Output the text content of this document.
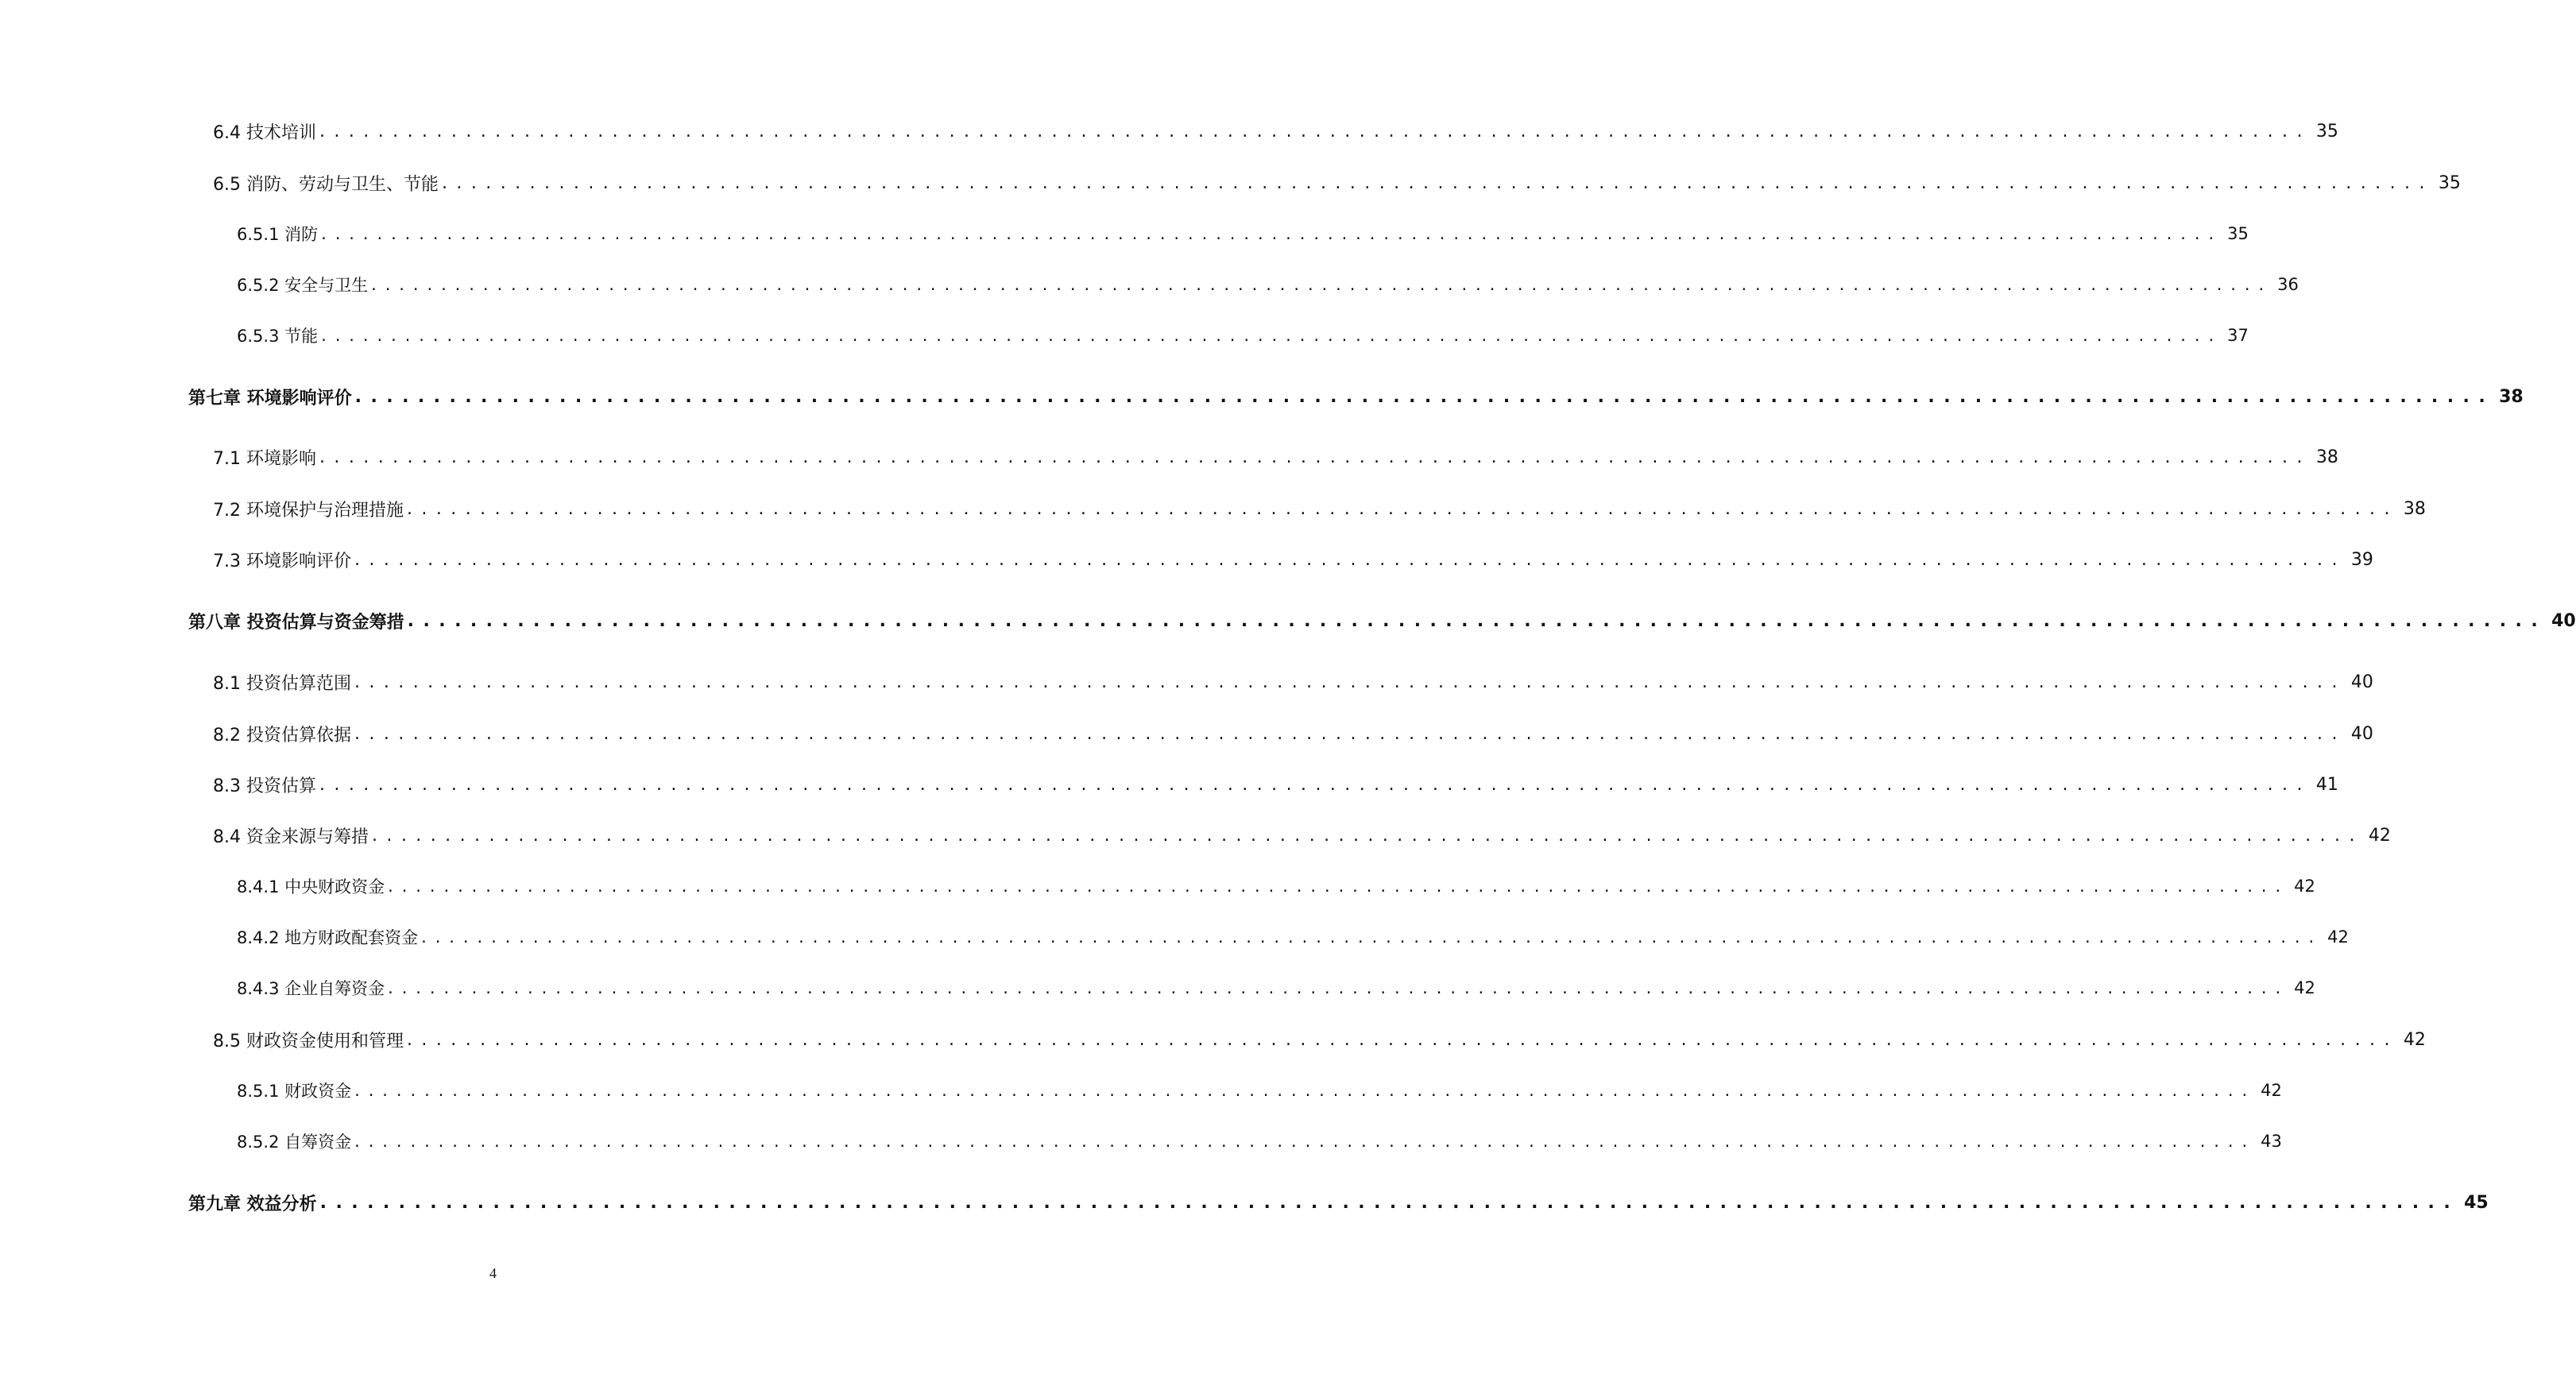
6.4 技术培训 ........................................................................................................................................ 35
6.5 消防、劳动与卫生、节能 ........................................................................................................................................ 35
6.5.1 消防 ........................................................................................................................................ 35
6.5.2 安全与卫生 ........................................................................................................................................ 36
6.5.3 节能 ........................................................................................................................................ 37
第七章 环境影响评价 ........................................................................................................................................ 38
7.1 环境影响 ........................................................................................................................................ 38
7.2 环境保护与治理措施 ........................................................................................................................................ 38
7.3 环境影响评价 ........................................................................................................................................ 39
第八章 投资估算与资金筹措 ........................................................................................................................................ 40
8.1 投资估算范围 ........................................................................................................................................ 40
8.2 投资估算依据 ........................................................................................................................................ 40
8.3 投资估算 ........................................................................................................................................ 41
8.4 资金来源与筹措 ........................................................................................................................................ 42
8.4.1 中央财政资金 ........................................................................................................................................ 42
8.4.2 地方财政配套资金 ........................................................................................................................................ 42
8.4.3 企业自筹资金 ........................................................................................................................................ 42
8.5 财政资金使用和管理 ........................................................................................................................................ 42
8.5.1 财政资金 ........................................................................................................................................ 42
8.5.2 自筹资金 ........................................................................................................................................ 43
第九章 效益分析 ........................................................................................................................................ 45
4
